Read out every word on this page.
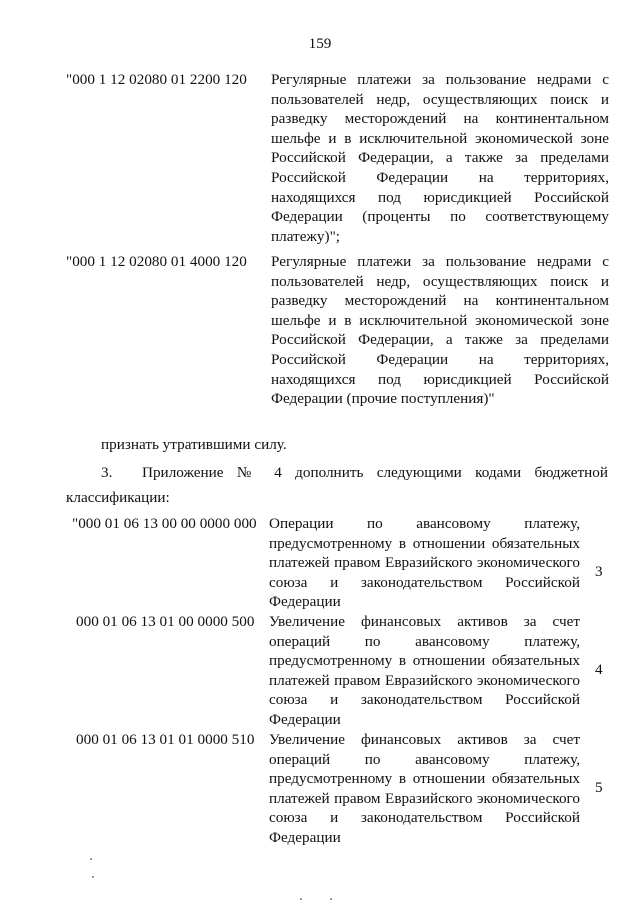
159
"000 1 12 02080 01 2200 120 Регулярные платежи за пользование недрами с пользователей недр, осуществляющих поиск и разведку месторождений на континентальном шельфе и в исключительной экономической зоне Российской Федерации, а также за пределами Российской Федерации на территориях, находящихся под юрисдикцией Российской Федерации (проценты по соответствующему платежу)";
"000 1 12 02080 01 4000 120 Регулярные платежи за пользование недрами с пользователей недр, осуществляющих поиск и разведку месторождений на континентальном шельфе и в исключительной экономической зоне Российской Федерации, а также за пределами Российской Федерации на территориях, находящихся под юрисдикцией Российской Федерации (прочие поступления)"
признать утратившими силу.
3. Приложение № 4 дополнить следующими кодами бюджетной
классификации:
"000 01 06 13 00 00 0000 000 Операции по авансовому платежу, предусмотренному в отношении обязательных платежей правом Евразийского экономического союза и законодательством Российской Федерации
3
000 01 06 13 01 00 0000 500 Увеличение финансовых активов за счет операций по авансовому платежу, предусмотренному в отношении обязательных платежей правом Евразийского экономического союза и законодательством Российской Федерации
4
000 01 06 13 01 01 0000 510 Увеличение финансовых активов за счет операций по авансовому платежу, предусмотренному в отношении обязательных платежей правом Евразийского экономического союза и законодательством Российской Федерации
5
